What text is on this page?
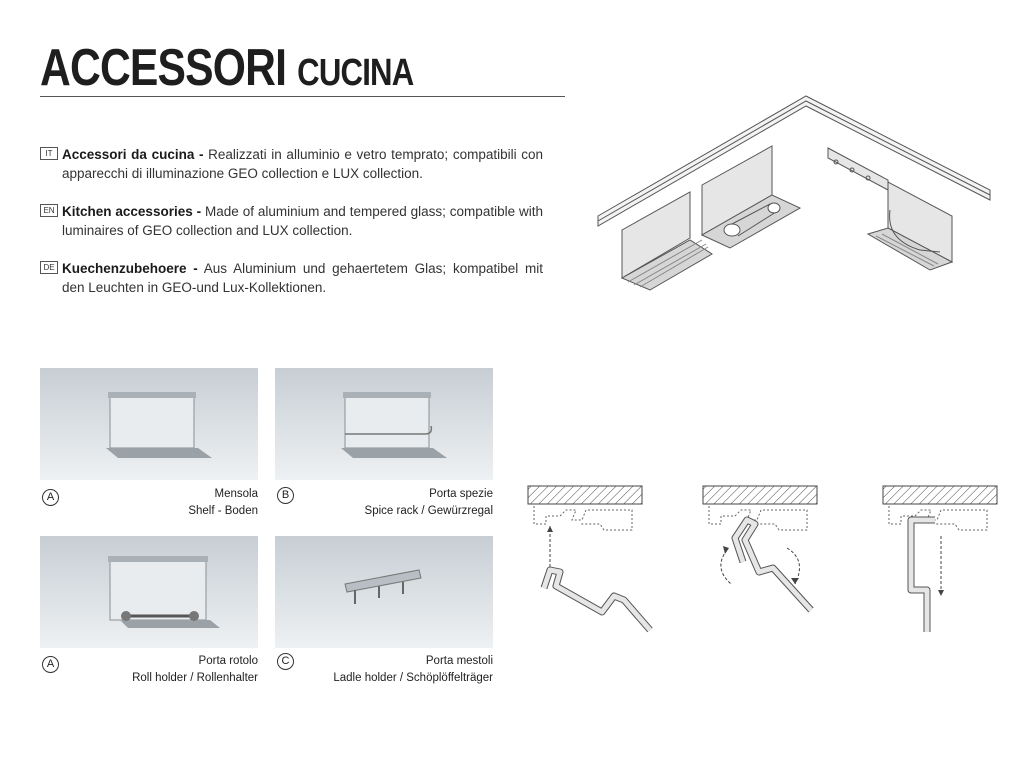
ACCESSORI CUCINA
IT Accessori da cucina - Realizzati in alluminio e vetro temprato; compatibili con apparecchi di illuminazione GEO collection e LUX collection.
EN Kitchen accessories - Made of aluminium and tempered glass; compatible with luminaires of GEO collection and LUX collection.
DE Kuechenzubehoere - Aus Aluminium und gehaertetem Glas; kompatibel mit den Leuchten in GEO-und Lux-Kollektionen.
A	Mensola
Shelf - Boden
B	Porta spezie
Spice rack / Gewürzregal
A	Porta rotolo
Roll holder / Rollenhalter
C	Porta mestoli
Ladle holder / Schöplöffelträger
